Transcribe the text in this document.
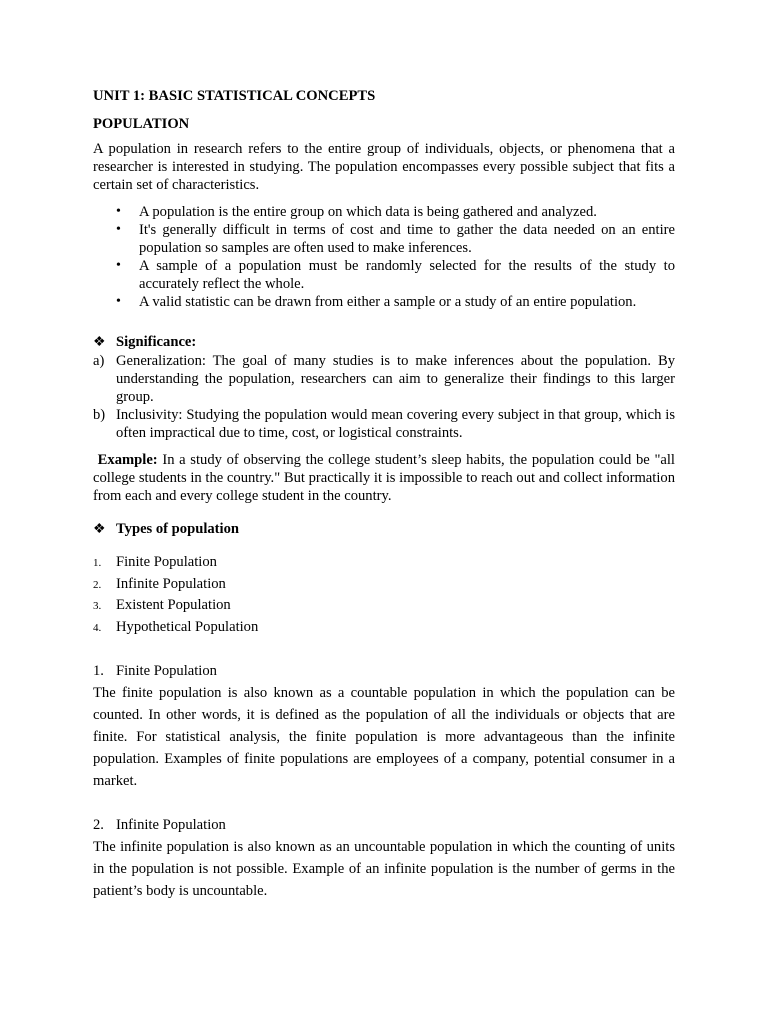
UNIT 1: BASIC STATISTICAL CONCEPTS

POPULATION

A population in research refers to the entire group of individuals, objects, or phenomena that a researcher is interested in studying. The population encompasses every possible subject that fits a certain set of characteristics.

• A population is the entire group on which data is being gathered and analyzed.
• It's generally difficult in terms of cost and time to gather the data needed on an entire population so samples are often used to make inferences.
• A sample of a population must be randomly selected for the results of the study to accurately reflect the whole.
• A valid statistic can be drawn from either a sample or a study of an entire population.
❖ Significance:
a) Generalization: The goal of many studies is to make inferences about the population. By understanding the population, researchers can aim to generalize their findings to this larger group.
b) Inclusivity: Studying the population would mean covering every subject in that group, which is often impractical due to time, cost, or logistical constraints.

Example: In a study of observing the college student’s sleep habits, the population could be "all college students in the country." But practically it is impossible to reach out and collect information from each and every college student in the country.

❖ Types of population
1. Finite Population
2. Infinite Population
3. Existent Population
4. Hypothetical Population

1. Finite Population

The finite population is also known as a countable population in which the population can be counted. In other words, it is defined as the population of all the individuals or objects that are finite. For statistical analysis, the finite population is more advantageous than the infinite population. Examples of finite populations are employees of a company, potential consumer in a market.

2. Infinite Population

The infinite population is also known as an uncountable population in which the counting of units in the population is not possible. Example of an infinite population is the number of germs in the patient’s body is uncountable.
